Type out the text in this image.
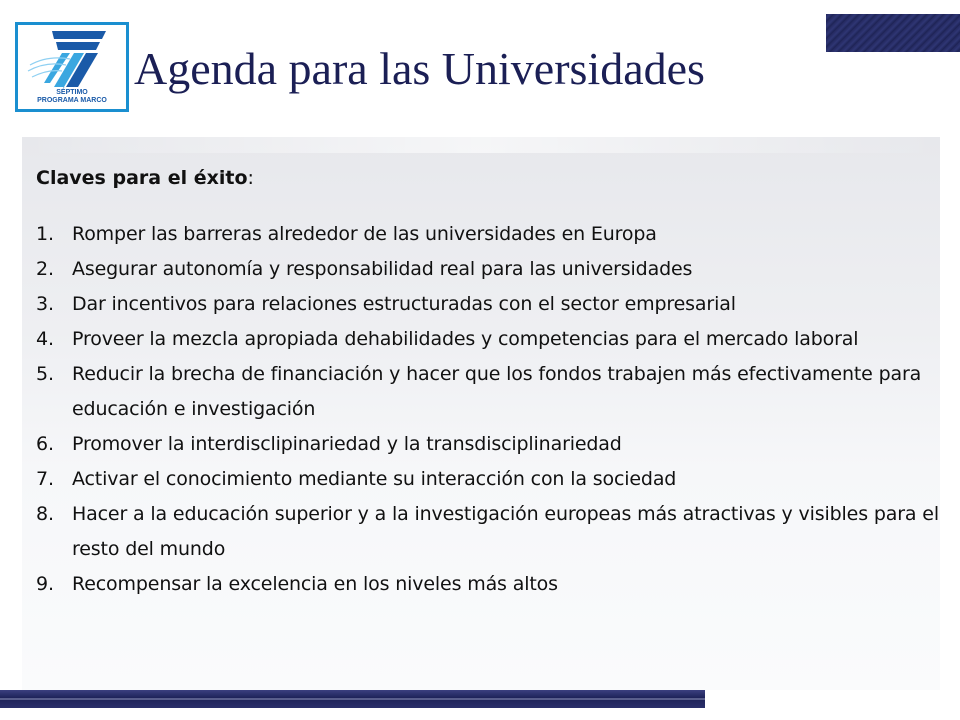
SÉPTIMO
PROGRAMA MARCO
Agenda para las Universidades
Claves para el éxito:
1. Romper las barreras alrededor de las universidades en Europa
2. Asegurar autonomía y responsabilidad real para las universidades
3. Dar incentivos para relaciones estructuradas con el sector empresarial
4. Proveer la mezcla apropiada dehabilidades y competencias para el mercado laboral
5. Reducir la brecha de financiación y hacer que los fondos trabajen más efectivamente para educación e investigación
6. Promover la interdisclipinariedad y la transdisciplinariedad
7. Activar el conocimiento mediante su interacción con la sociedad
8. Hacer a la educación superior y a la investigación europeas más atractivas y visibles para el resto del mundo
9. Recompensar la excelencia en los niveles más altos
